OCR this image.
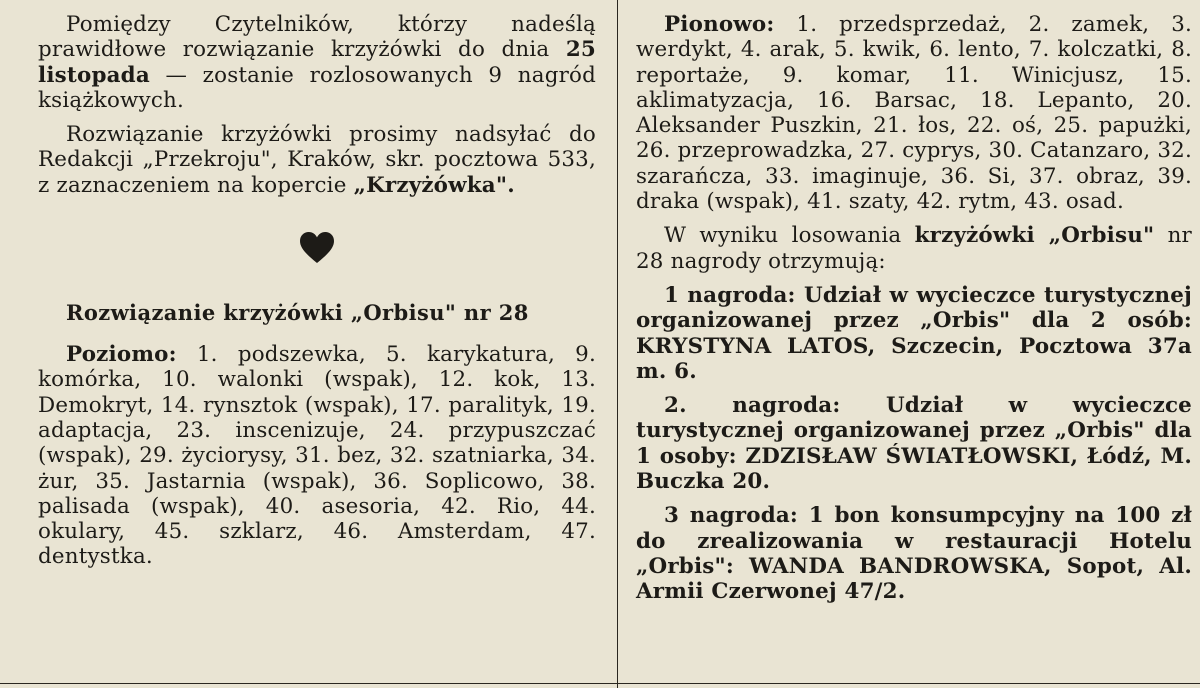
Pomiędzy Czytelników, którzy nadeślą prawidłowe rozwiązanie krzyżówki do dnia 25 listopada — zostanie rozlosowanych 9 nagród książkowych.

Rozwiązanie krzyżówki prosimy nadsyłać do Redakcji „Przekroju", Kraków, skr. pocztowa 533, z zaznaczeniem na kopercie „Krzyżówka".

Rozwiązanie krzyżówki „Orbisu" nr 28

Poziomo: 1. podszewka, 5. karykatura, 9. komórka, 10. walonki (wspak), 12. kok, 13. Demokryt, 14. rynsztok (wspak), 17. paralityk, 19. adaptacja, 23. inscenizuje, 24. przypuszczać (wspak), 29. życiorysy, 31. bez, 32. szatniarka, 34. żur, 35. Jastarnia (wspak), 36. Soplicowo, 38. palisada (wspak), 40. asesoria, 42. Rio, 44. okulary, 45. szklarz, 46. Amsterdam, 47. dentystka.

Pionowo: 1. przedsprzedaż, 2. zamek, 3. werdykt, 4. arak, 5. kwik, 6. lento, 7. kolczatki, 8. reportaże, 9. komar, 11. Winicjusz, 15. aklimatyzacja, 16. Barsac, 18. Lepanto, 20. Aleksander Puszkin, 21. łos, 22. oś, 25. papużki, 26. przeprowadzka, 27. cyprys, 30. Catanzaro, 32. szarańcza, 33. imaginuje, 36. Si, 37. obraz, 39. draka (wspak), 41. szaty, 42. rytm, 43. osad.

W wyniku losowania krzyżówki „Orbisu" nr 28 nagrody otrzymują:

1 nagroda: Udział w wycieczce turystycznej organizowanej przez „Orbis" dla 2 osób: KRYSTYNA LATOS, Szczecin, Pocztowa 37a m. 6.

2. nagroda: Udział w wycieczce turystycznej organizowanej przez „Orbis" dla 1 osoby: ZDZISŁAW ŚWIATŁOWSKI, Łódź, M. Buczka 20.

3 nagroda: 1 bon konsumpcyjny na 100 zł do zrealizowania w restauracji Hotelu „Orbis": WANDA BANDROWSKA, Sopot, Al. Armii Czerwonej 47/2.
